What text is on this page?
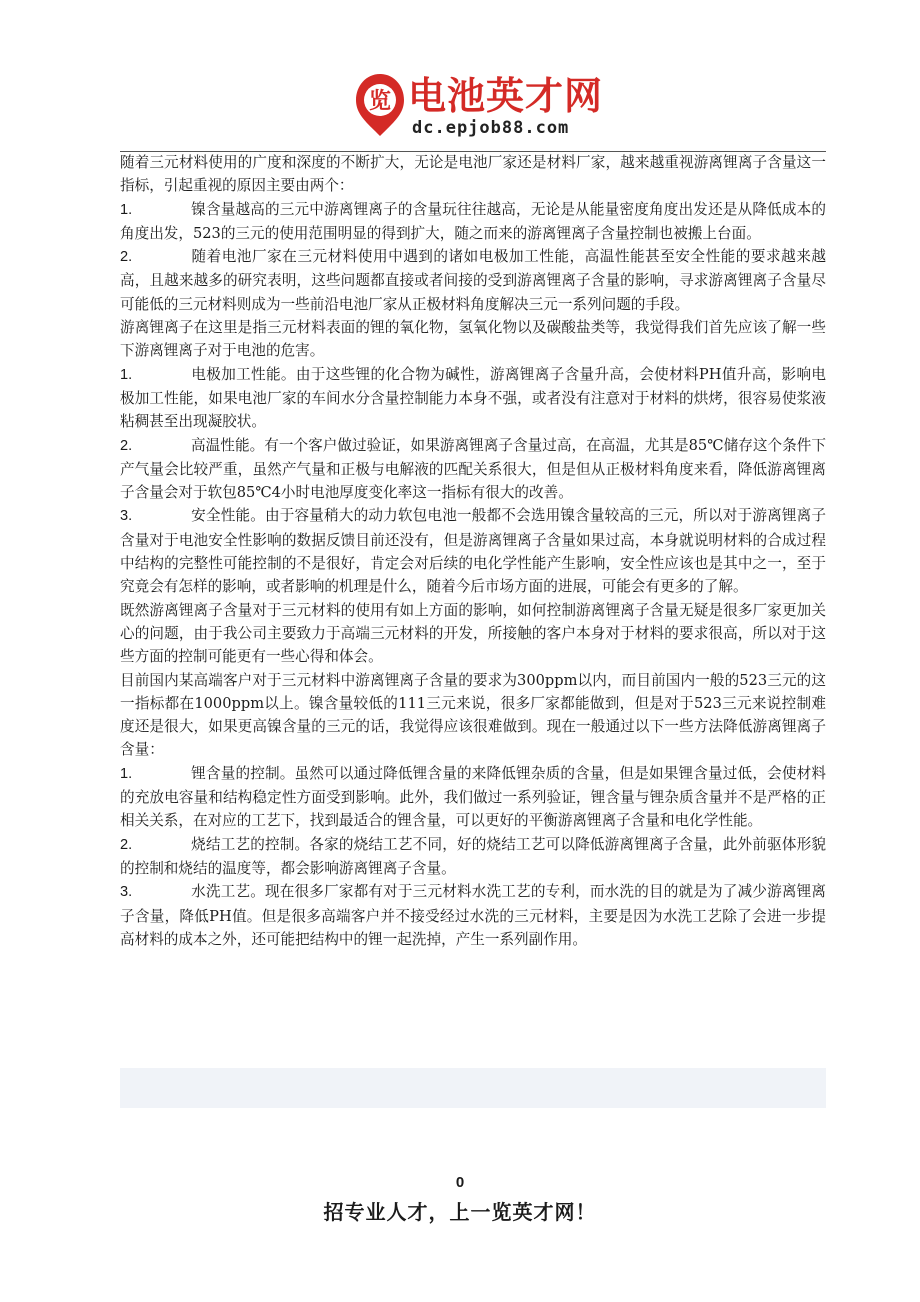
览 电池英才网
dc.epjob88.com

随着三元材料使用的广度和深度的不断扩大，无论是电池厂家还是材料厂家，越来越重视游离锂离子含量这一指标，引起重视的原因主要由两个：

1.	镍含量越高的三元中游离锂离子的含量玩往往越高，无论是从能量密度角度出发还是从降低成本的角度出发，523的三元的使用范围明显的得到扩大，随之而来的游离锂离子含量控制也被搬上台面。

2.	随着电池厂家在三元材料使用中遇到的诸如电极加工性能，高温性能甚至安全性能的要求越来越高，且越来越多的研究表明，这些问题都直接或者间接的受到游离锂离子含量的影响，寻求游离锂离子含量尽可能低的三元材料则成为一些前沿电池厂家从正极材料角度解决三元一系列问题的手段。

游离锂离子在这里是指三元材料表面的锂的氧化物，氢氧化物以及碳酸盐类等，我觉得我们首先应该了解一些下游离锂离子对于电池的危害。

1.	电极加工性能。由于这些锂的化合物为碱性，游离锂离子含量升高，会使材料PH值升高，影响电极加工性能，如果电池厂家的车间水分含量控制能力本身不强，或者没有注意对于材料的烘烤，很容易使浆液粘稠甚至出现凝胶状。

2.	高温性能。有一个客户做过验证，如果游离锂离子含量过高，在高温，尤其是85℃储存这个条件下产气量会比较严重，虽然产气量和正极与电解液的匹配关系很大，但是但从正极材料角度来看，降低游离锂离子含量会对于软包85℃4小时电池厚度变化率这一指标有很大的改善。

3.	安全性能。由于容量稍大的动力软包电池一般都不会选用镍含量较高的三元，所以对于游离锂离子含量对于电池安全性影响的数据反馈目前还没有，但是游离锂离子含量如果过高，本身就说明材料的合成过程中结构的完整性可能控制的不是很好，肯定会对后续的电化学性能产生影响，安全性应该也是其中之一，至于究竟会有怎样的影响，或者影响的机理是什么，随着今后市场方面的进展，可能会有更多的了解。

既然游离锂离子含量对于三元材料的使用有如上方面的影响，如何控制游离锂离子含量无疑是很多厂家更加关心的问题，由于我公司主要致力于高端三元材料的开发，所接触的客户本身对于材料的要求很高，所以对于这些方面的控制可能更有一些心得和体会。

目前国内某高端客户对于三元材料中游离锂离子含量的要求为300ppm以内，而目前国内一般的523三元的这一指标都在1000ppm以上。镍含量较低的111三元来说，很多厂家都能做到，但是对于523三元来说控制难度还是很大，如果更高镍含量的三元的话，我觉得应该很难做到。现在一般通过以下一些方法降低游离锂离子含量：

1.	锂含量的控制。虽然可以通过降低锂含量的来降低锂杂质的含量，但是如果锂含量过低，会使材料的充放电容量和结构稳定性方面受到影响。此外，我们做过一系列验证，锂含量与锂杂质含量并不是严格的正相关关系，在对应的工艺下，找到最适合的锂含量，可以更好的平衡游离锂离子含量和电化学性能。

2.	烧结工艺的控制。各家的烧结工艺不同，好的烧结工艺可以降低游离锂离子含量，此外前驱体形貌的控制和烧结的温度等，都会影响游离锂离子含量。

3.	水洗工艺。现在很多厂家都有对于三元材料水洗工艺的专利，而水洗的目的就是为了减少游离锂离子含量，降低PH值。但是很多高端客户并不接受经过水洗的三元材料，主要是因为水洗工艺除了会进一步提高材料的成本之外，还可能把结构中的锂一起洗掉，产生一系列副作用。

0
招专业人才，上一览英才网！
